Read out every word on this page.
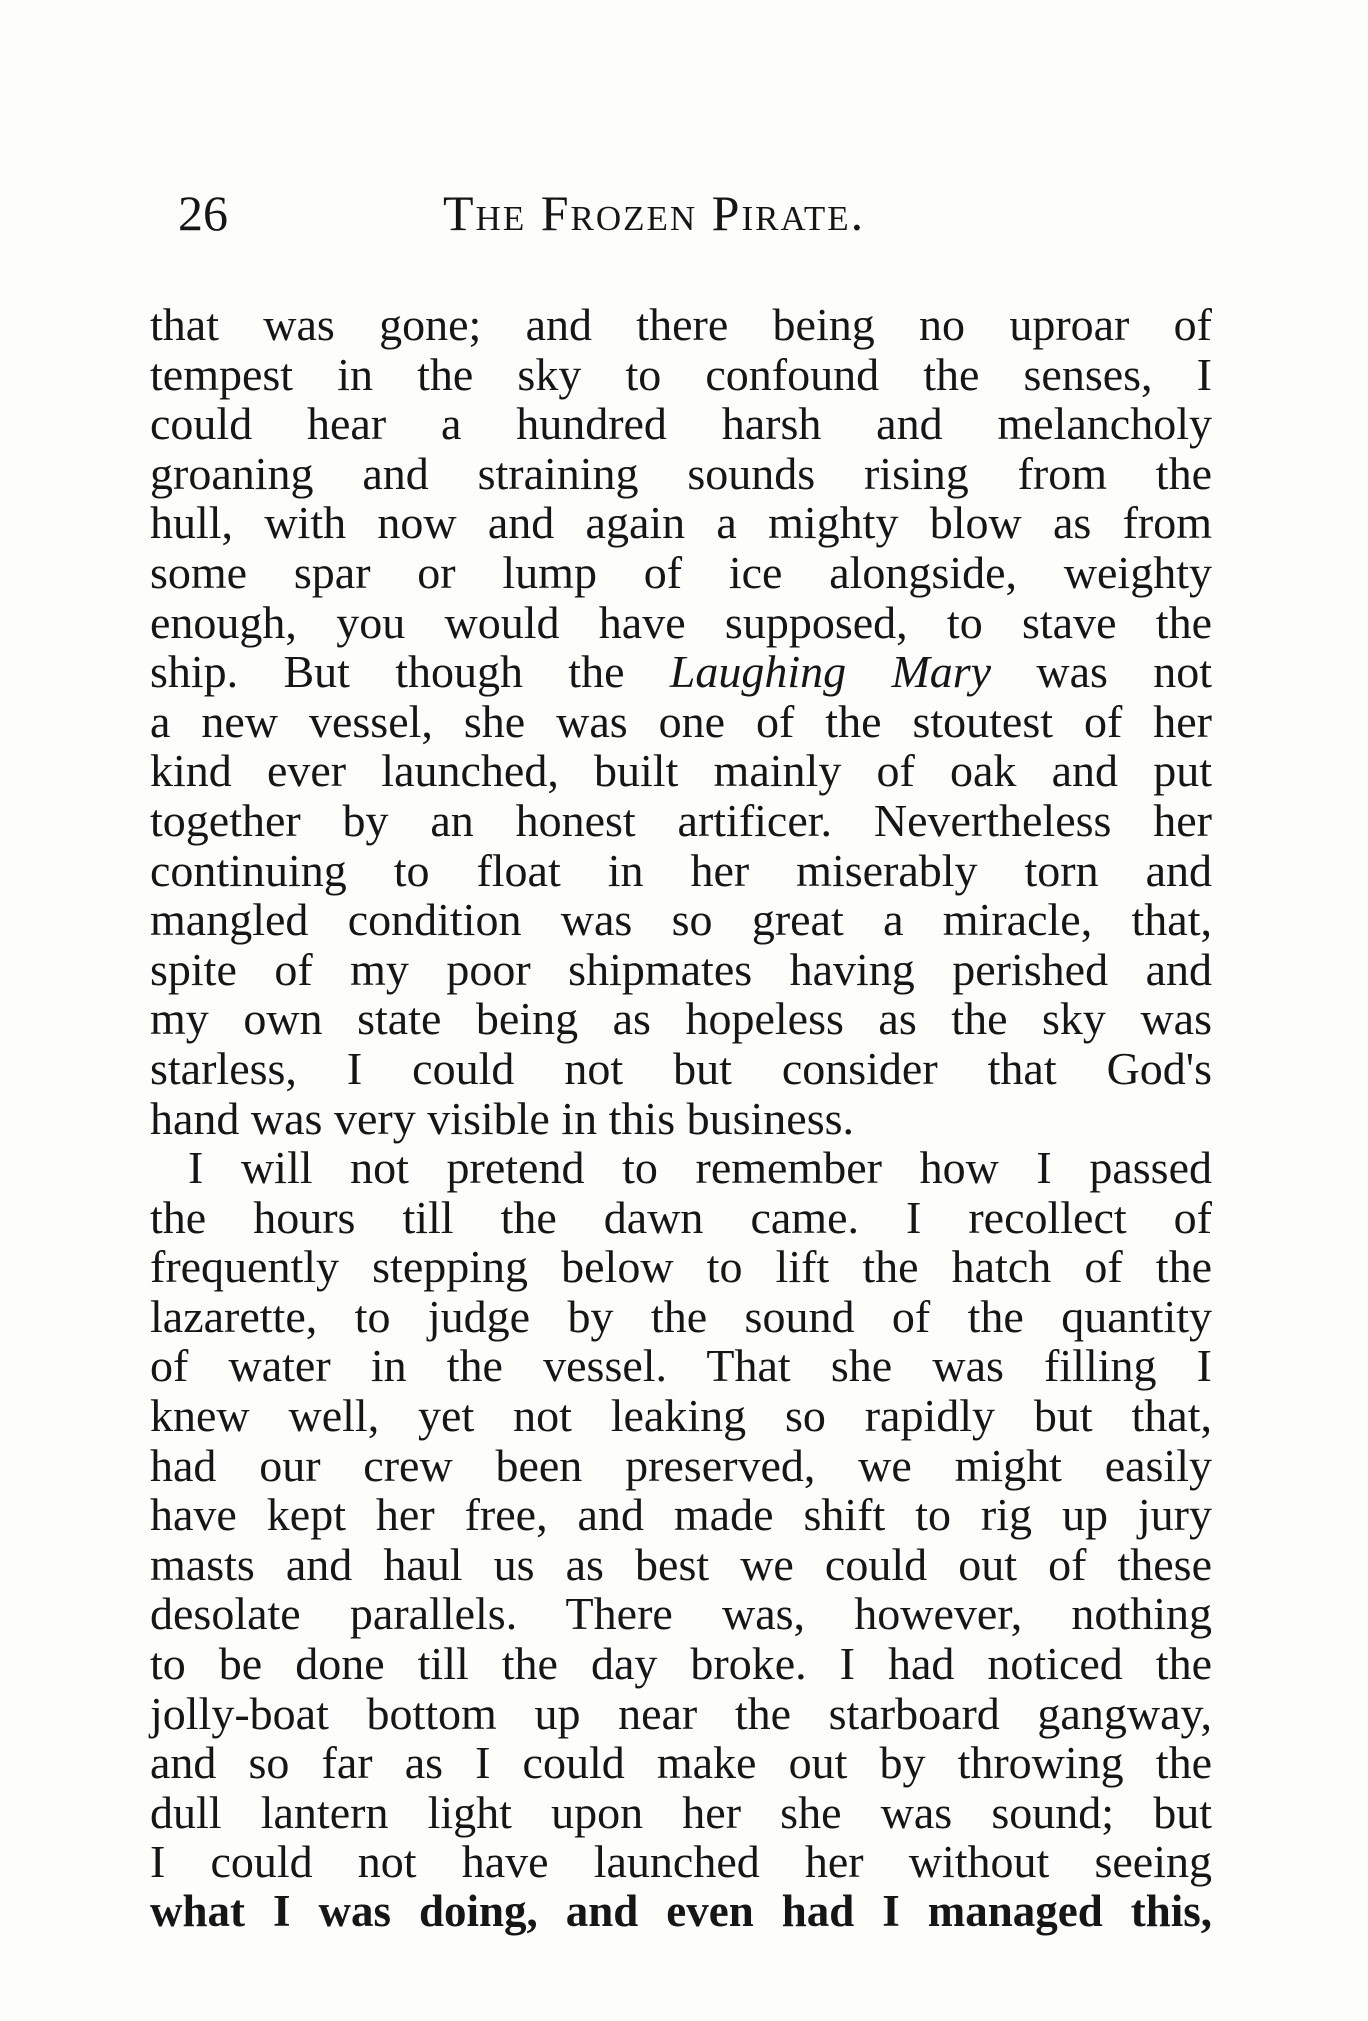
26	The Frozen Pirate.
that was gone; and there being no uproar of
tempest in the sky to confound the senses, I
could hear a hundred harsh and melancholy
groaning and straining sounds rising from the
hull, with now and again a mighty blow as from
some spar or lump of ice alongside, weighty
enough, you would have supposed, to stave the
ship. But though the Laughing Mary was not
a new vessel, she was one of the stoutest of her
kind ever launched, built mainly of oak and put
together by an honest artificer. Nevertheless her
continuing to float in her miserably torn and
mangled condition was so great a miracle, that,
spite of my poor shipmates having perished and
my own state being as hopeless as the sky was
starless, I could not but consider that God's
hand was very visible in this business.
I will not pretend to remember how I passed
the hours till the dawn came. I recollect of
frequently stepping below to lift the hatch of the
lazarette, to judge by the sound of the quantity
of water in the vessel. That she was filling I
knew well, yet not leaking so rapidly but that,
had our crew been preserved, we might easily
have kept her free, and made shift to rig up jury
masts and haul us as best we could out of these
desolate parallels. There was, however, nothing
to be done till the day broke. I had noticed the
jolly-boat bottom up near the starboard gangway,
and so far as I could make out by throwing the
dull lantern light upon her she was sound; but
I could not have launched her without seeing
what I was doing, and even had I managed this,
